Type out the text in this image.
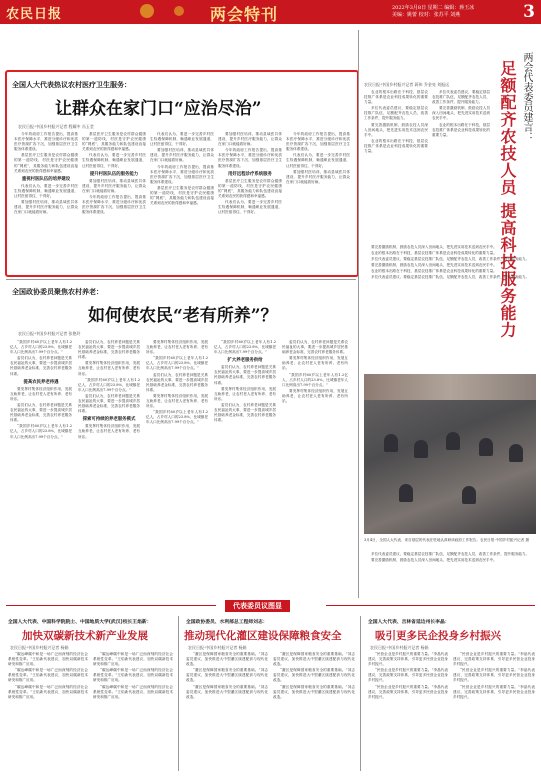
农民日报	两会特刊	2022年3月8日 星期二 编辑：蒋玉冰
美编：姚蕾 校对：张苏平 刘燕	3
全国人大代表热议农村医疗卫生服务：
让群众在家门口“应治尽治”
农民日报·中国乡村振兴记者 程耀中 冯玉莹

今年的政府工作报告提出，提高基本医疗保障水平，推进分级诊疗和优质医疗资源扩容下沉，加强基层医疗卫生服务体系建设。

基层医疗卫生服务是农村群众健康的第一道防线，村医是守护农民健康的“网底”，其服务能力和队伍建设直接关系到农民的获得感和幸福感。

重视村医队伍的培养建设

代表们认为，要进一步完善乡村医生待遇保障机制，畅通职业发展通道，让村医留得住、干得好。

要加强村医培训，推动县域医共体建设，提升乡村医疗服务能力，让群众在家门口就能看好病。

基层医疗卫生服务是农村群众健康的第一道防线，村医是守护农民健康的“网底”，其服务能力和队伍建设直接关系到农民的获得感和幸福感。

代表们认为，要进一步完善乡村医生待遇保障机制，畅通职业发展通道，让村医留得住、干得好。

提升村医队伍的服务能力

要加强村医培训，推动县域医共体建设，提升乡村医疗服务能力，让群众在家门口就能看好病。

今年的政府工作报告提出，提高基本医疗保障水平，推进分级诊疗和优质医疗资源扩容下沉，加强基层医疗卫生服务体系建设。

代表们认为，要进一步完善乡村医生待遇保障机制，畅通职业发展通道，让村医留得住、干得好。

要加强村医培训，推动县域医共体建设，提升乡村医疗服务能力，让群众在家门口就能看好病。

今年的政府工作报告提出，提高基本医疗保障水平，推进分级诊疗和优质医疗资源扩容下沉，加强基层医疗卫生服务体系建设。

基层医疗卫生服务是农村群众健康的第一道防线，村医是守护农民健康的“网底”，其服务能力和队伍建设直接关系到农民的获得感和幸福感。

要加强村医培训，推动县域医共体建设，提升乡村医疗服务能力，让群众在家门口就能看好病。

今年的政府工作报告提出，提高基本医疗保障水平，推进分级诊疗和优质医疗资源扩容下沉，加强基层医疗卫生服务体系建设。

用好远程诊疗系统服务

基层医疗卫生服务是农村群众健康的第一道防线，村医是守护农民健康的“网底”，其服务能力和队伍建设直接关系到农民的获得感和幸福感。

代表们认为，要进一步完善乡村医生待遇保障机制，畅通职业发展通道，让村医留得住、干得好。

今年的政府工作报告提出，提高基本医疗保障水平，推进分级诊疗和优质医疗资源扩容下沉，加强基层医疗卫生服务体系建设。

代表们认为，要进一步完善乡村医生待遇保障机制，畅通职业发展通道，让村医留得住、干得好。

要加强村医培训，推动县域医共体建设，提升乡村医疗服务能力，让群众在家门口就能看好病。

全国政协委员聚焦农村养老：
如何使农民“老有所养”？
农民日报·中国乡村振兴记者 张艳玲

“我国乡村60岁以上老年人有1.2亿人，占乡村人口的23.8%，比城镇老年人口比例高出7.99个百分点。”

委员们认为，农村养老问题是关系农民福祉的大事，要进一步提高城乡居民基础养老金标准，完善农村养老服务体系。

提高农民养老待遇

要发挥村集体经济组织作用，发展互助养老，让农村老人老有所养、老有所乐。

委员们认为，农村养老问题是关系农民福祉的大事，要进一步提高城乡居民基础养老金标准，完善农村养老服务体系。

“我国乡村60岁以上老年人有1.2亿人，占乡村人口的23.8%，比城镇老年人口比例高出7.99个百分点。”

委员们认为，农村养老问题是关系农民福祉的大事，要进一步提高城乡居民基础养老金标准，完善农村养老服务体系。

要发挥村集体经济组织作用，发展互助养老，让农村老人老有所养、老有所乐。

“我国乡村60岁以上老年人有1.2亿人，占乡村人口的23.8%，比城镇老年人口比例高出7.99个百分点。”

委员们认为，农村养老问题是关系农民福祉的大事，要进一步提高城乡居民基础养老金标准，完善农村养老服务体系。

探索可持续的养老服务模式

要发挥村集体经济组织作用，发展互助养老，让农村老人老有所养、老有所乐。

要发挥村集体经济组织作用，发展互助养老，让农村老人老有所养、老有所乐。

“我国乡村60岁以上老年人有1.2亿人，占乡村人口的23.8%，比城镇老年人口比例高出7.99个百分点。”

委员们认为，农村养老问题是关系农民福祉的大事，要进一步提高城乡居民基础养老金标准，完善农村养老服务体系。

要发挥村集体经济组织作用，发展互助养老，让农村老人老有所养、老有所乐。

“我国乡村60岁以上老年人有1.2亿人，占乡村人口的23.8%，比城镇老年人口比例高出7.99个百分点。”

“我国乡村60岁以上老年人有1.2亿人，占乡村人口的23.8%，比城镇老年人口比例高出7.99个百分点。”

扩大养老服务供给

委员们认为，农村养老问题是关系农民福祉的大事，要进一步提高城乡居民基础养老金标准，完善农村养老服务体系。

要发挥村集体经济组织作用，发展互助养老，让农村老人老有所养、老有所乐。

委员们认为，农村养老问题是关系农民福祉的大事，要进一步提高城乡居民基础养老金标准，完善农村养老服务体系。

委员们认为，农村养老问题是关系农民福祉的大事，要进一步提高城乡居民基础养老金标准，完善农村养老服务体系。

要发挥村集体经济组织作用，发展互助养老，让农村老人老有所养、老有所乐。

“我国乡村60岁以上老年人有1.2亿人，占乡村人口的23.8%，比城镇老年人口比例高出7.99个百分点。”

要发挥村集体经济组织作用，发展互助养老，让农村老人老有所养、老有所乐。

两会代表委员建言：
足额配齐农技人员 提高科技服务能力
农民日报·中国乡村振兴记者 蒋伟 乔金亮 刘振远

农业的根本出路在于科技，基层农技推广体系是农业科技成果转化的重要力量。

多位代表委员建议，要稳定基层农技推广队伍，足额配齐农技人员，改善工作条件，提升服务能力。

要完善激励机制，鼓励农技人员深入田间地头，把先进实用技术送到农民手中。

农业的根本出路在于科技，基层农技推广体系是农业科技成果转化的重要力量。

多位代表委员建议，要稳定基层农技推广队伍，足额配齐农技人员，改善工作条件，提升服务能力。

要完善激励机制，鼓励农技人员深入田间地头，把先进实用技术送到农民手中。

农业的根本出路在于科技，基层农技推广体系是农业科技成果转化的重要力量。

要完善激励机制，鼓励农技人员深入田间地头，把先进实用技术送到农民手中。

农业的根本出路在于科技，基层农技推广体系是农业科技成果转化的重要力量。

多位代表委员建议，要稳定基层农技推广队伍，足额配齐农技人员，改善工作条件，提升服务能力。

要完善激励机制，鼓励农技人员深入田间地头，把先进实用技术送到农民手中。

农业的根本出路在于科技，基层农技推广体系是农业科技成果转化的重要力量。

多位代表委员建议，要稳定基层农技推广队伍，足额配齐农技人员，改善工作条件，提升服务能力。

3月4日，全国人大代表、来自基层的代表在驻地认真研读政府工作报告。农民日报·中国乡村振兴记者 摄

多位代表委员建议，要稳定基层农技推广队伍，足额配齐农技人员，改善工作条件，提升服务能力。

要完善激励机制，鼓励农技人员深入田间地头，把先进实用技术送到农民手中。

代表委员议图显
全国人大代表、中国科学院院士、中国地质大学(武汉)校长王焰新：
加快双碳新技术新产业发展
农民日报·中国乡村振兴记者 杨娟

“碳达峰碳中和是一场广泛而深刻的经济社会系统性变革。”王焰新代表建议，加快双碳新技术研发和推广应用。

“碳达峰碳中和是一场广泛而深刻的经济社会系统性变革。”王焰新代表建议，加快双碳新技术研发和推广应用。

“碳达峰碳中和是一场广泛而深刻的经济社会系统性变革。”王焰新代表建议，加快双碳新技术研发和推广应用。

“碳达峰碳中和是一场广泛而深刻的经济社会系统性变革。”王焰新代表建议，加快双碳新技术研发和推广应用。

“碳达峰碳中和是一场广泛而深刻的经济社会系统性变革。”王焰新代表建议，加快双碳新技术研发和推广应用。

“碳达峰碳中和是一场广泛而深刻的经济社会系统性变革。”王焰新代表建议，加快双碳新技术研发和推广应用。

全国政协委员、水利部总工程师刘志：
推动现代化灌区建设保障粮食安全
农民日报·中国乡村振兴记者 杨娟

“灌区是保障国家粮食安全的重要基础。”刘志委员建议，加快推进大中型灌区续建配套与现代化改造。

“灌区是保障国家粮食安全的重要基础。”刘志委员建议，加快推进大中型灌区续建配套与现代化改造。

“灌区是保障国家粮食安全的重要基础。”刘志委员建议，加快推进大中型灌区续建配套与现代化改造。

“灌区是保障国家粮食安全的重要基础。”刘志委员建议，加快推进大中型灌区续建配套与现代化改造。

“灌区是保障国家粮食安全的重要基础。”刘志委员建议，加快推进大中型灌区续建配套与现代化改造。

“灌区是保障国家粮食安全的重要基础。”刘志委员建议，加快推进大中型灌区续建配套与现代化改造。

全国人大代表、吉林省延边州长李晶：
吸引更多民企投身乡村振兴
农民日报·中国乡村振兴记者 杨娟

“民营企业是乡村振兴的重要力量。”李晶代表建议，完善政策支持体系，引导更多民营企业投身乡村振兴。

“民营企业是乡村振兴的重要力量。”李晶代表建议，完善政策支持体系，引导更多民营企业投身乡村振兴。

“民营企业是乡村振兴的重要力量。”李晶代表建议，完善政策支持体系，引导更多民营企业投身乡村振兴。

“民营企业是乡村振兴的重要力量。”李晶代表建议，完善政策支持体系，引导更多民营企业投身乡村振兴。

“民营企业是乡村振兴的重要力量。”李晶代表建议，完善政策支持体系，引导更多民营企业投身乡村振兴。

“民营企业是乡村振兴的重要力量。”李晶代表建议，完善政策支持体系，引导更多民营企业投身乡村振兴。
